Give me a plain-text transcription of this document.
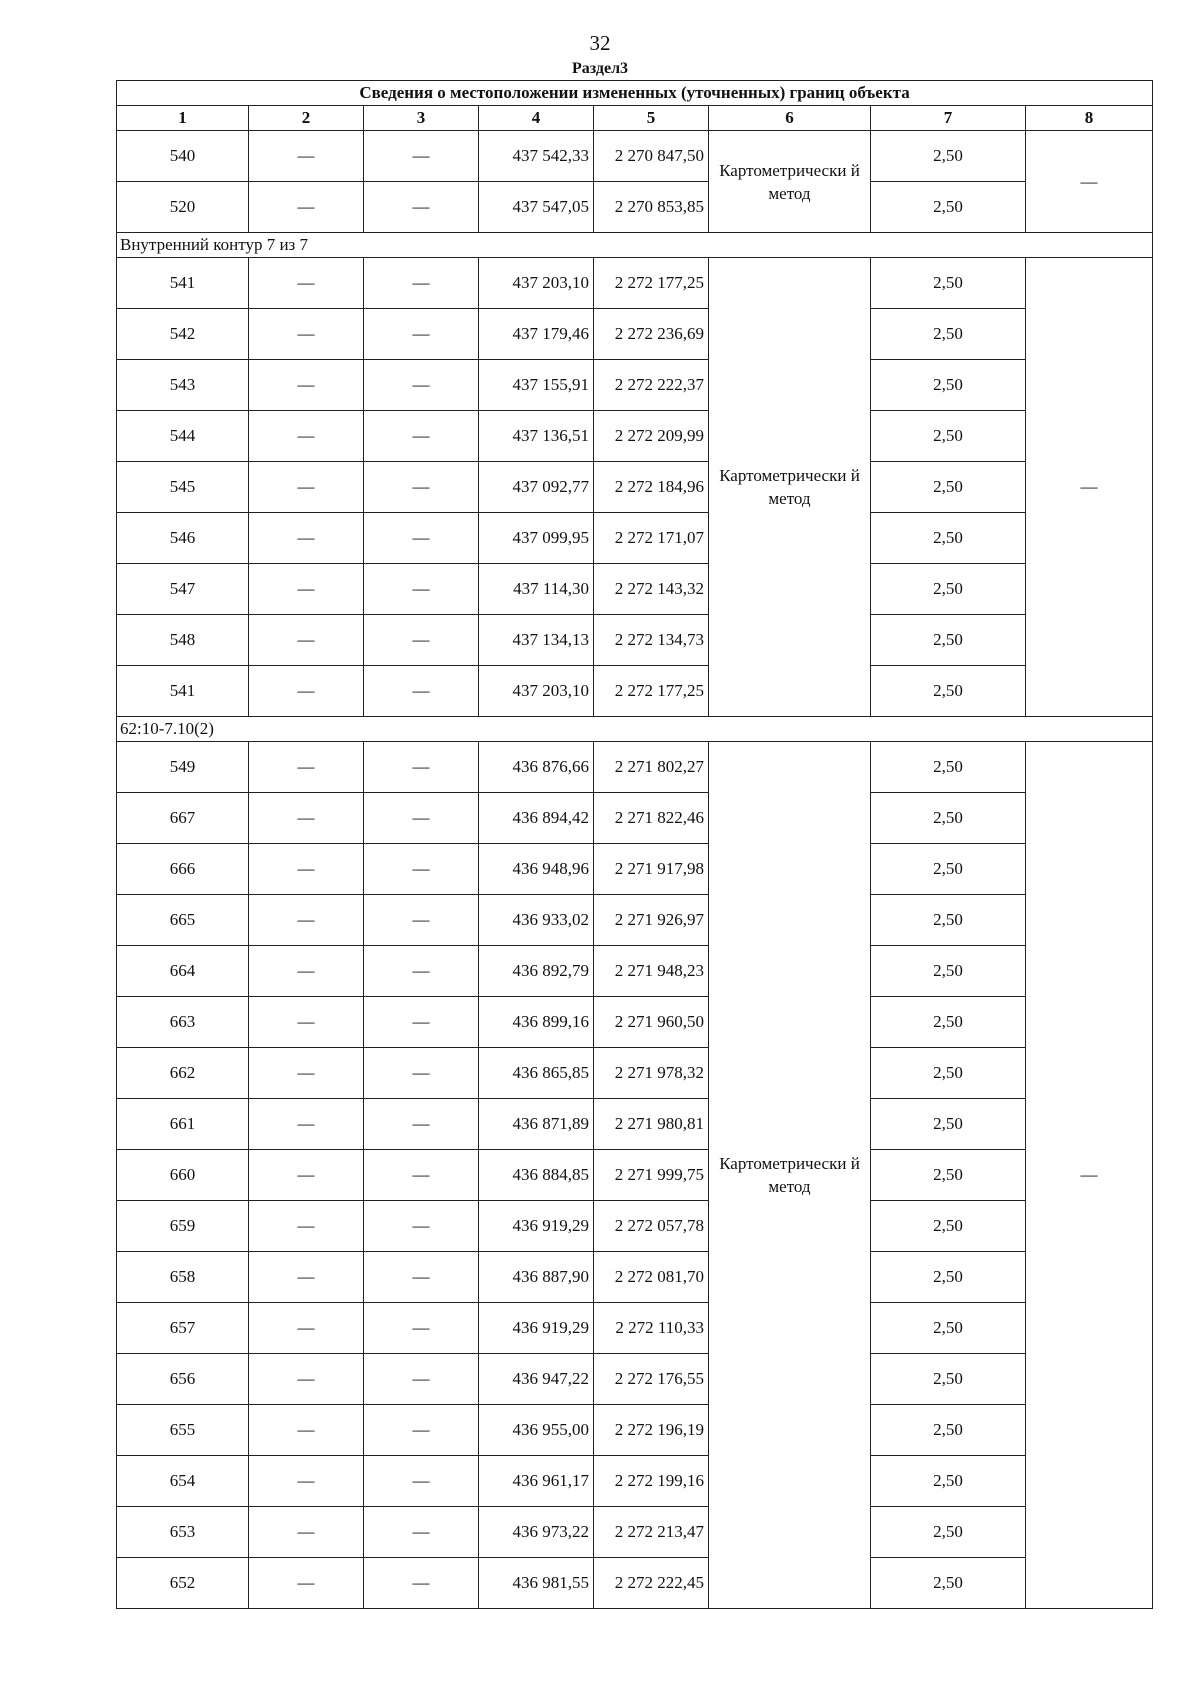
32
Раздел3
Сведения о местоположении измененных (уточненных) границ объекта							
1	2	3	4	5	6	7	8
540	—	—	437 542,33	2 270 847,50	Картометрически й метод	2,50	—
520	—	—	437 547,05	2 270 853,85		2,50	
Внутренний контур 7 из 7							
541	—	—	437 203,10	2 272 177,25	Картометрически й метод	2,50	—
542	—	—	437 179,46	2 272 236,69		2,50	
543	—	—	437 155,91	2 272 222,37		2,50	
544	—	—	437 136,51	2 272 209,99		2,50	
545	—	—	437 092,77	2 272 184,96		2,50	
546	—	—	437 099,95	2 272 171,07		2,50	
547	—	—	437 114,30	2 272 143,32		2,50	
548	—	—	437 134,13	2 272 134,73		2,50	
541	—	—	437 203,10	2 272 177,25		2,50	
62:10-7.10(2)							
549	—	—	436 876,66	2 271 802,27	Картометрически й метод	2,50	—
667	—	—	436 894,42	2 271 822,46		2,50	
666	—	—	436 948,96	2 271 917,98		2,50	
665	—	—	436 933,02	2 271 926,97		2,50	
664	—	—	436 892,79	2 271 948,23		2,50	
663	—	—	436 899,16	2 271 960,50		2,50	
662	—	—	436 865,85	2 271 978,32		2,50	
661	—	—	436 871,89	2 271 980,81		2,50	
660	—	—	436 884,85	2 271 999,75		2,50	
659	—	—	436 919,29	2 272 057,78		2,50	
658	—	—	436 887,90	2 272 081,70		2,50	
657	—	—	436 919,29	2 272 110,33		2,50	
656	—	—	436 947,22	2 272 176,55		2,50	
655	—	—	436 955,00	2 272 196,19		2,50	
654	—	—	436 961,17	2 272 199,16		2,50	
653	—	—	436 973,22	2 272 213,47		2,50	
652	—	—	436 981,55	2 272 222,45		2,50	
